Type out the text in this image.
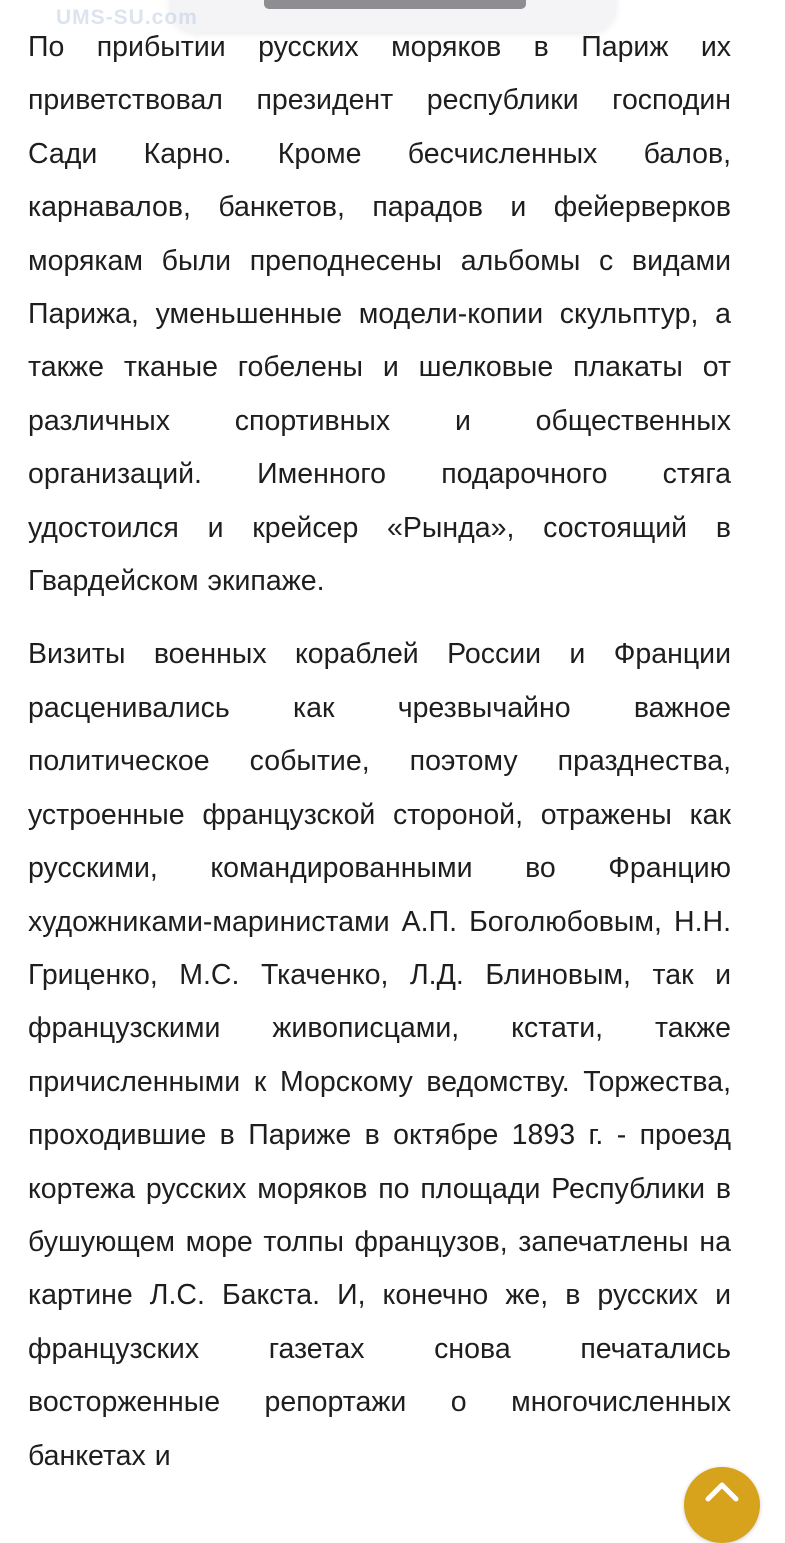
UMS-SU.com

По прибытии русских моряков в Париж их приветствовал президент республики господин Сади Карно. Кроме бесчисленных балов, карнавалов, банкетов, парадов и фейерверков морякам были преподнесены альбомы с видами Парижа, уменьшенные модели-копии скульптур, а также тканые гобелены и шелковые плакаты от различных спортивных и общественных организаций. Именного подарочного стяга удостоился и крейсер «Рында», состоящий в Гвардейском экипаже.

Визиты военных кораблей России и Франции расценивались как чрезвычайно важное политическое событие, поэтому празднества, устроенные французской стороной, отражены как русскими, командированными во Францию художниками-маринистами А.П. Боголюбовым, Н.Н. Гриценко, М.С. Ткаченко, Л.Д. Блиновым, так и французскими живописцами, кстати, также причисленными к Морскому ведомству. Торжества, проходившие в Париже в октябре 1893 г. - проезд кортежа русских моряков по площади Республики в бушующем море толпы французов, запечатлены на картине Л.С. Бакста. И, конечно же, в русских и французских газетах снова печатались восторженные репортажи о многочисленных банкетах и
